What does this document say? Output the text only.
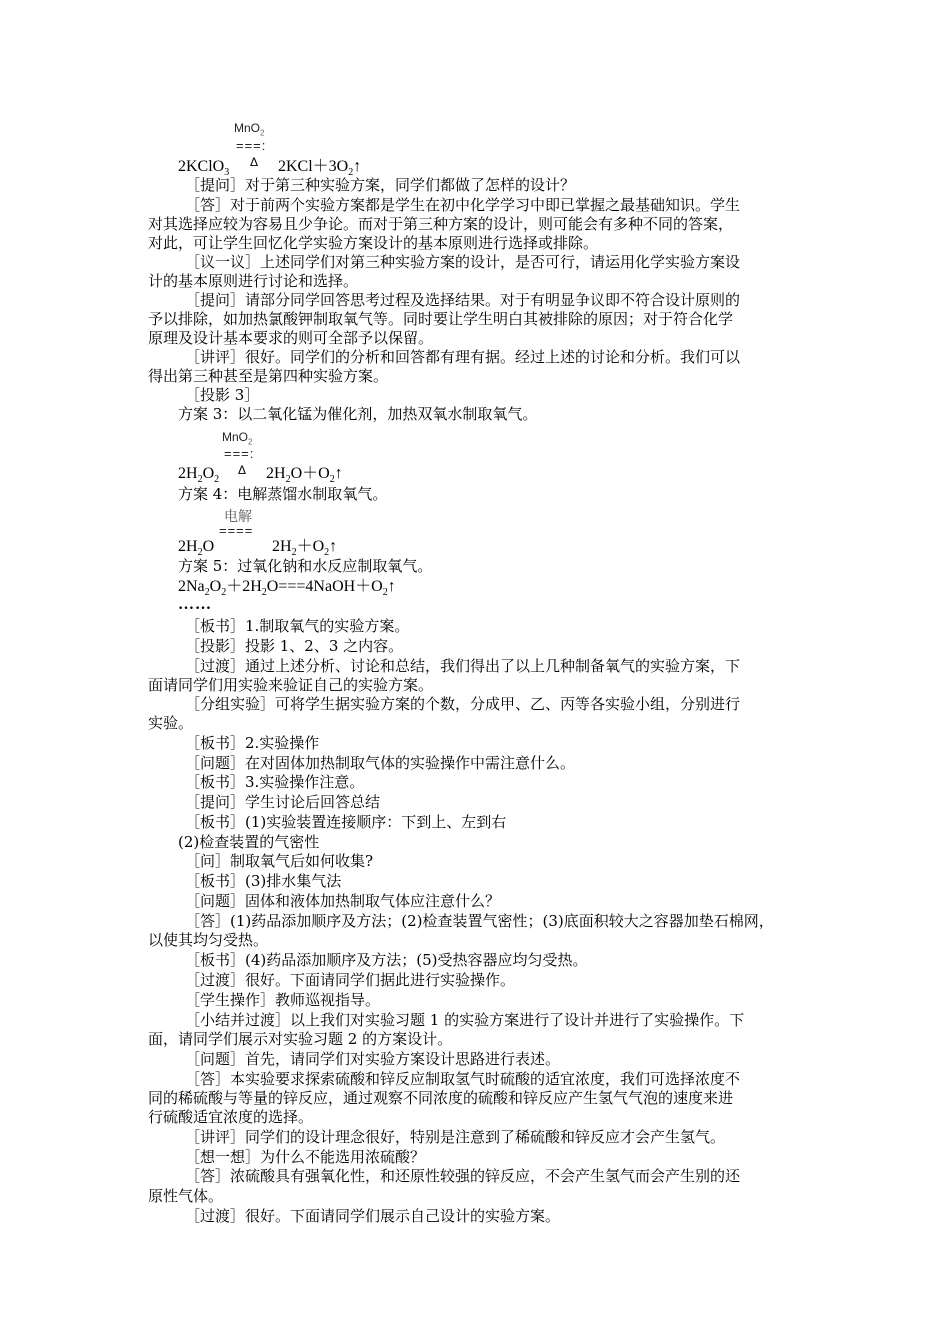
MnO$_2$
===:
Δ
2KClO$_3$	$2KCl+3O_2↑$
［提问］对于第三种实验方案，同学们都做了怎样的设计？
［答］对于前两个实验方案都是学生在初中化学学习中即已掌握之最基础知识。学生
对其选择应较为容易且少争论。而对于第三种方案的设计，则可能会有多种不同的答案，
对此，可让学生回忆化学实验方案设计的基本原则进行选择或排除。
［议一议］上述同学们对第三种实验方案的设计，是否可行，请运用化学实验方案设
计的基本原则进行讨论和选择。
［提问］请部分同学回答思考过程及选择结果。对于有明显争议即不符合设计原则的
予以排除，如加热氯酸钾制取氧气等。同时要让学生明白其被排除的原因；对于符合化学
原理及设计基本要求的则可全部予以保留。
［讲评］很好。同学们的分析和回答都有理有据。经过上述的讨论和分析。我们可以
得出第三种甚至是第四种实验方案。
［投影 3］
方案 3：以二氧化锰为催化剂，加热双氧水制取氧气。
MnO$_2$
===:
Δ
$2H_2O_2$	$2H_2O+O_2↑$
方案 4：电解蒸馏水制取氧气。
电解
====
$2H_2O$	$2H_2+O_2↑$
方案 5：过氧化钠和水反应制取氧气。
$2Na_2O_2+2H_2O===4NaOH+O_2↑$
……
［板书］1.制取氧气的实验方案。
［投影］投影 1、2、3 之内容。
［过渡］通过上述分析、讨论和总结，我们得出了以上几种制备氧气的实验方案，下
面请同学们用实验来验证自己的实验方案。
［分组实验］可将学生据实验方案的个数，分成甲、乙、丙等各实验小组，分别进行
实验。
［板书］2.实验操作
［问题］在对固体加热制取气体的实验操作中需注意什么。
［板书］3.实验操作注意。
［提问］学生讨论后回答总结
［板书］(1)实验装置连接顺序：下到上、左到右
(2)检查装置的气密性
［问］制取氧气后如何收集?
［板书］(3)排水集气法
［问题］固体和液体加热制取气体应注意什么？
［答］(1)药品添加顺序及方法；(2)检查装置气密性；(3)底面积较大之容器加垫石棉网，
以使其均匀受热。
［板书］(4)药品添加顺序及方法；(5)受热容器应均匀受热。
［过渡］很好。下面请同学们据此进行实验操作。
［学生操作］教师巡视指导。
［小结并过渡］以上我们对实验习题 1 的实验方案进行了设计并进行了实验操作。下
面，请同学们展示对实验习题 2 的方案设计。
［问题］首先，请同学们对实验方案设计思路进行表述。
［答］本实验要求探索硫酸和锌反应制取氢气时硫酸的适宜浓度，我们可选择浓度不
同的稀硫酸与等量的锌反应，通过观察不同浓度的硫酸和锌反应产生氢气气泡的速度来进
行硫酸适宜浓度的选择。
［讲评］同学们的设计理念很好，特别是注意到了稀硫酸和锌反应才会产生氢气。
［想一想］为什么不能选用浓硫酸？
［答］浓硫酸具有强氧化性，和还原性较强的锌反应，不会产生氢气而会产生别的还
原性气体。
［过渡］很好。下面请同学们展示自己设计的实验方案。
